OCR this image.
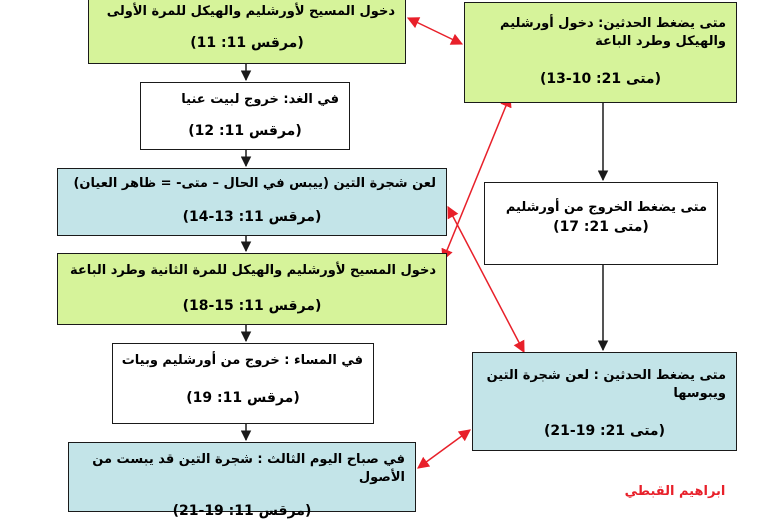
دخول المسيح لأورشليم والهيكل للمرة الأولى
(مرقس 11: 11)
في الغد: خروج لبيت عنيا
(مرقس 11: 12)
لعن شجرة التين (ييبس في الحال – متى- = ظاهر العيان)
(مرقس 11: 13-14)
دخول المسيح لأورشليم والهيكل للمرة الثانية وطرد الباعة
(مرقس 11: 15-18)
في المساء : خروج من أورشليم وبيات
(مرقس 11: 19)
في صباح اليوم الثالث : شجرة التين قد يبست من الأصول
(مرقس 11: 19-21)
متى يضغط الحدثين: دخول أورشليم
والهيكل وطرد الباعة
(متى 21: 10-13)
متى يضغط الخروج من أورشليم
(متى 21: 17)
متى يضغط الحدثين : لعن شجرة التين
ويبوسها
(متى 21: 19-21)
ابراهيم القبطي
